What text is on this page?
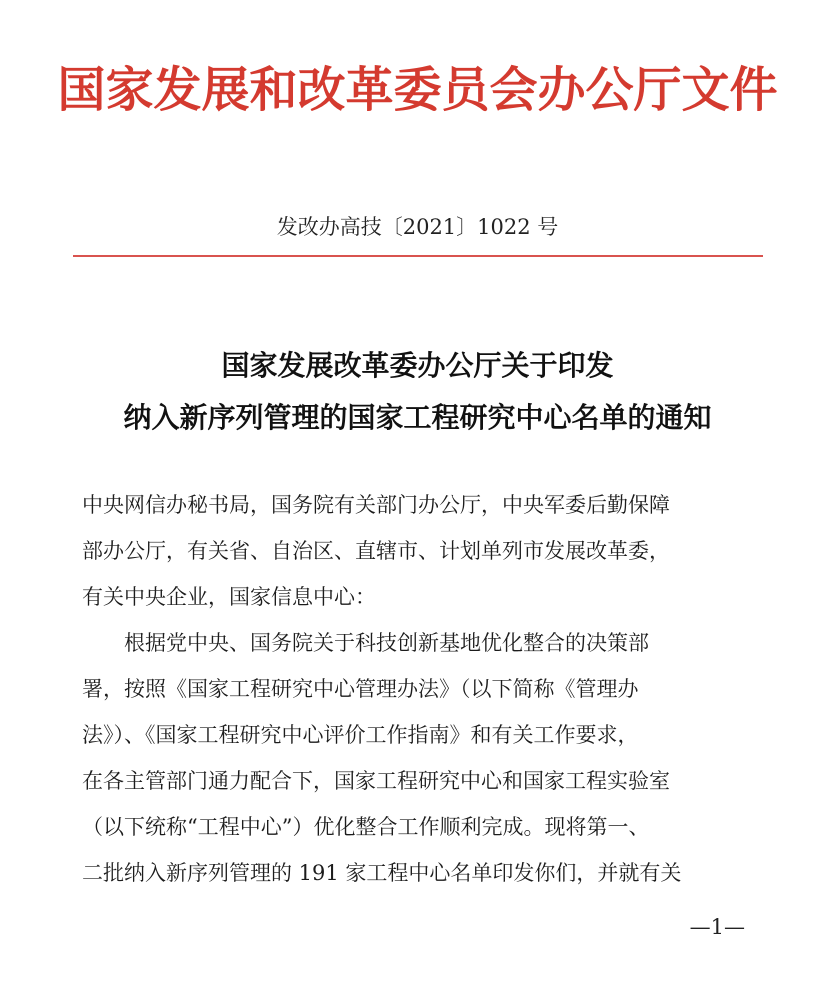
国家发展和改革委员会办公厅文件
发改办高技〔2021〕1022 号
国家发展改革委办公厅关于印发
纳入新序列管理的国家工程研究中心名单的通知
中央网信办秘书局，国务院有关部门办公厅，中央军委后勤保障
部办公厅，有关省、自治区、直辖市、计划单列市发展改革委，
有关中央企业，国家信息中心：
根据党中央、国务院关于科技创新基地优化整合的决策部
署，按照《国家工程研究中心管理办法》（以下简称《管理办
法》）、《国家工程研究中心评价工作指南》和有关工作要求，
在各主管部门通力配合下，国家工程研究中心和国家工程实验室
（以下统称“工程中心”）优化整合工作顺利完成。现将第一、
二批纳入新序列管理的 191 家工程中心名单印发你们，并就有关
—1—
